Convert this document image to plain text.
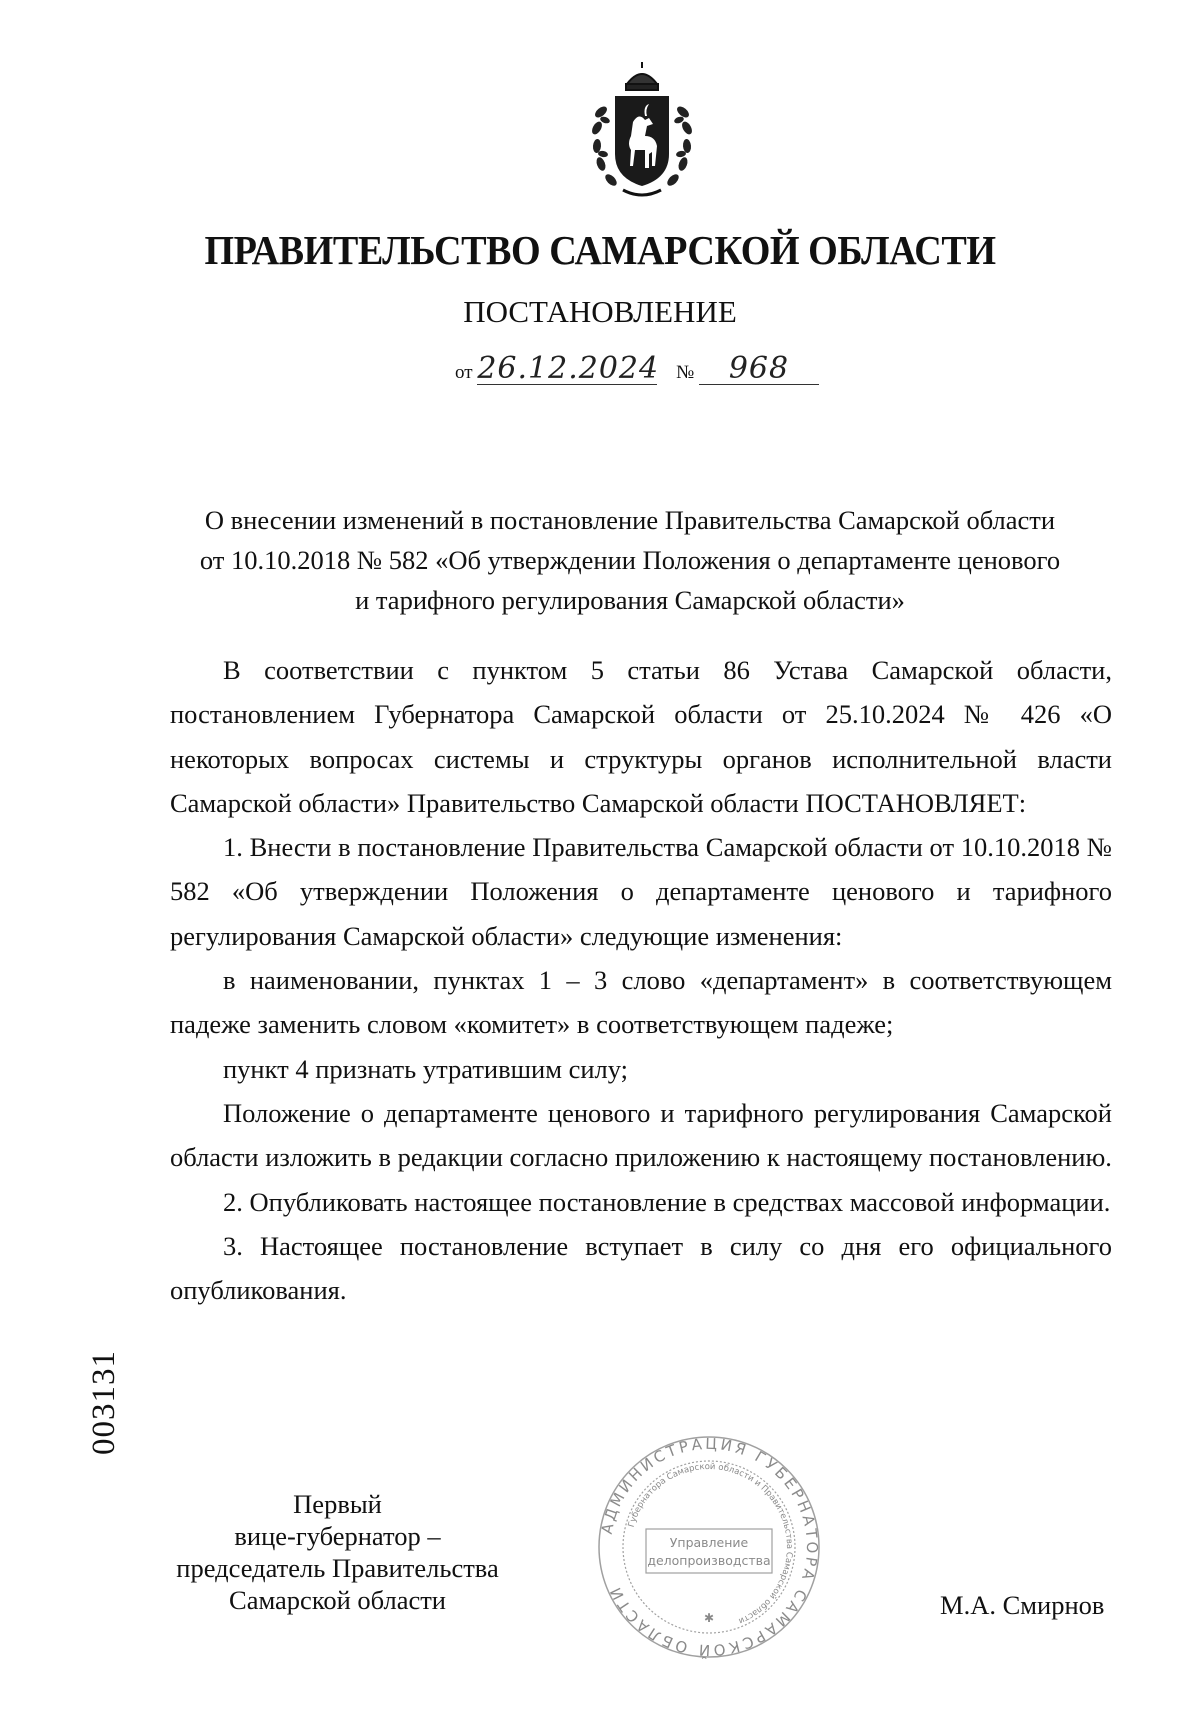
ПРАВИТЕЛЬСТВО САМАРСКОЙ ОБЛАСТИ
ПОСТАНОВЛЕНИЕ
от 26.12.2024 № 968
О внесении изменений в постановление Правительства Самарской области
от 10.10.2018 № 582 «Об утверждении Положения о департаменте ценового
и тарифного регулирования Самарской области»

В соответствии с пунктом 5 статьи 86 Устава Самарской области, постановлением Губернатора Самарской области от 25.10.2024 № 426 «О некоторых вопросах системы и структуры органов исполнительной власти Самарской области» Правительство Самарской области ПОСТАНОВЛЯЕТ:

1. Внести в постановление Правительства Самарской области от 10.10.2018 № 582 «Об утверждении Положения о департаменте ценового и тарифного регулирования Самарской области» следующие изменения:

в наименовании, пунктах 1 – 3 слово «департамент» в соответствующем падеже заменить словом «комитет» в соответствующем падеже;

пункт 4 признать утратившим силу;

Положение о департаменте ценового и тарифного регулирования Самарской области изложить в редакции согласно приложению к настоящему постановлению.

2. Опубликовать настоящее постановление в средствах массовой информации.

3. Настоящее постановление вступает в силу со дня его официального опубликования.

003131
Первый
вице-губернатор –
председатель Правительства
Самарской области
АДМИНИСТРАЦИЯ ГУБЕРНАТОРА САМАРСКОЙ ОБЛАСТИ
Губернатора Самарской области и Правительства Самарской области
Управление
делопроизводства
✱	М.А. Смирнов
